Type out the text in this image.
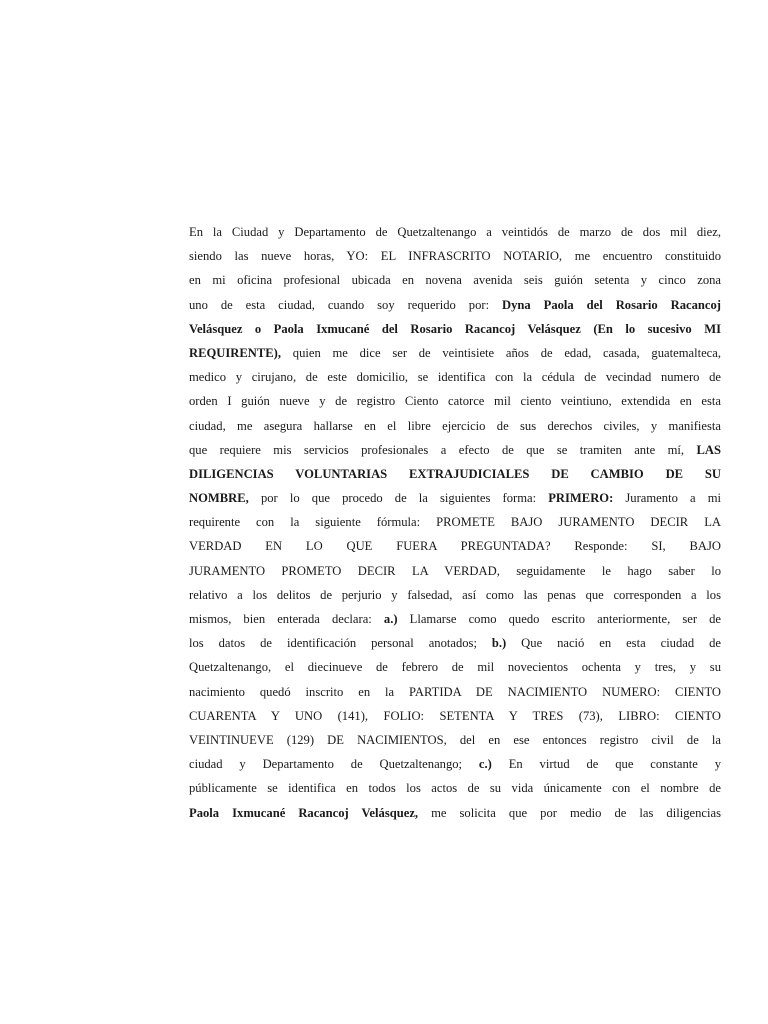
En la Ciudad y Departamento de Quetzaltenango a veintidós de marzo de dos mil diez,
siendo las nueve horas, YO: EL INFRASCRITO NOTARIO, me encuentro constituido
en mi oficina profesional ubicada en novena avenida seis guión setenta y cinco zona
uno de esta ciudad, cuando soy requerido por: Dyna Paola del Rosario Racancoj
Velásquez o Paola Ixmucané del Rosario Racancoj Velásquez (En lo sucesivo MI
REQUIRENTE), quien me dice ser de veintisiete años de edad, casada, guatemalteca,
medico y cirujano, de este domicilio, se identifica con la cédula de vecindad numero de
orden I guión nueve y de registro Ciento catorce mil ciento veintiuno, extendida en esta
ciudad, me asegura hallarse en el libre ejercicio de sus derechos civiles, y manifiesta
que requiere mis servicios profesionales a efecto de que se tramiten ante mí, LAS
DILIGENCIAS VOLUNTARIAS EXTRAJUDICIALES DE CAMBIO DE SU
NOMBRE, por lo que procedo de la siguientes forma: PRIMERO: Juramento a mi
requirente con la siguiente fórmula: PROMETE BAJO JURAMENTO DECIR LA
VERDAD EN LO QUE FUERA PREGUNTADA? Responde: SI, BAJO
JURAMENTO PROMETO DECIR LA VERDAD, seguidamente le hago saber lo
relativo a los delitos de perjurio y falsedad, así como las penas que corresponden a los
mismos, bien enterada declara: a.) Llamarse como quedo escrito anteriormente, ser de
los datos de identificación personal anotados; b.) Que nació en esta ciudad de
Quetzaltenango, el diecinueve de febrero de mil novecientos ochenta y tres, y su
nacimiento quedó inscrito en la PARTIDA DE NACIMIENTO NUMERO: CIENTO
CUARENTA Y UNO (141), FOLIO: SETENTA Y TRES (73), LIBRO: CIENTO
VEINTINUEVE (129) DE NACIMIENTOS, del en ese entonces registro civil de la
ciudad y Departamento de Quetzaltenango; c.) En virtud de que constante y
públicamente se identifica en todos los actos de su vida únicamente con el nombre de
Paola Ixmucané Racancoj Velásquez, me solicita que por medio de las diligencias
